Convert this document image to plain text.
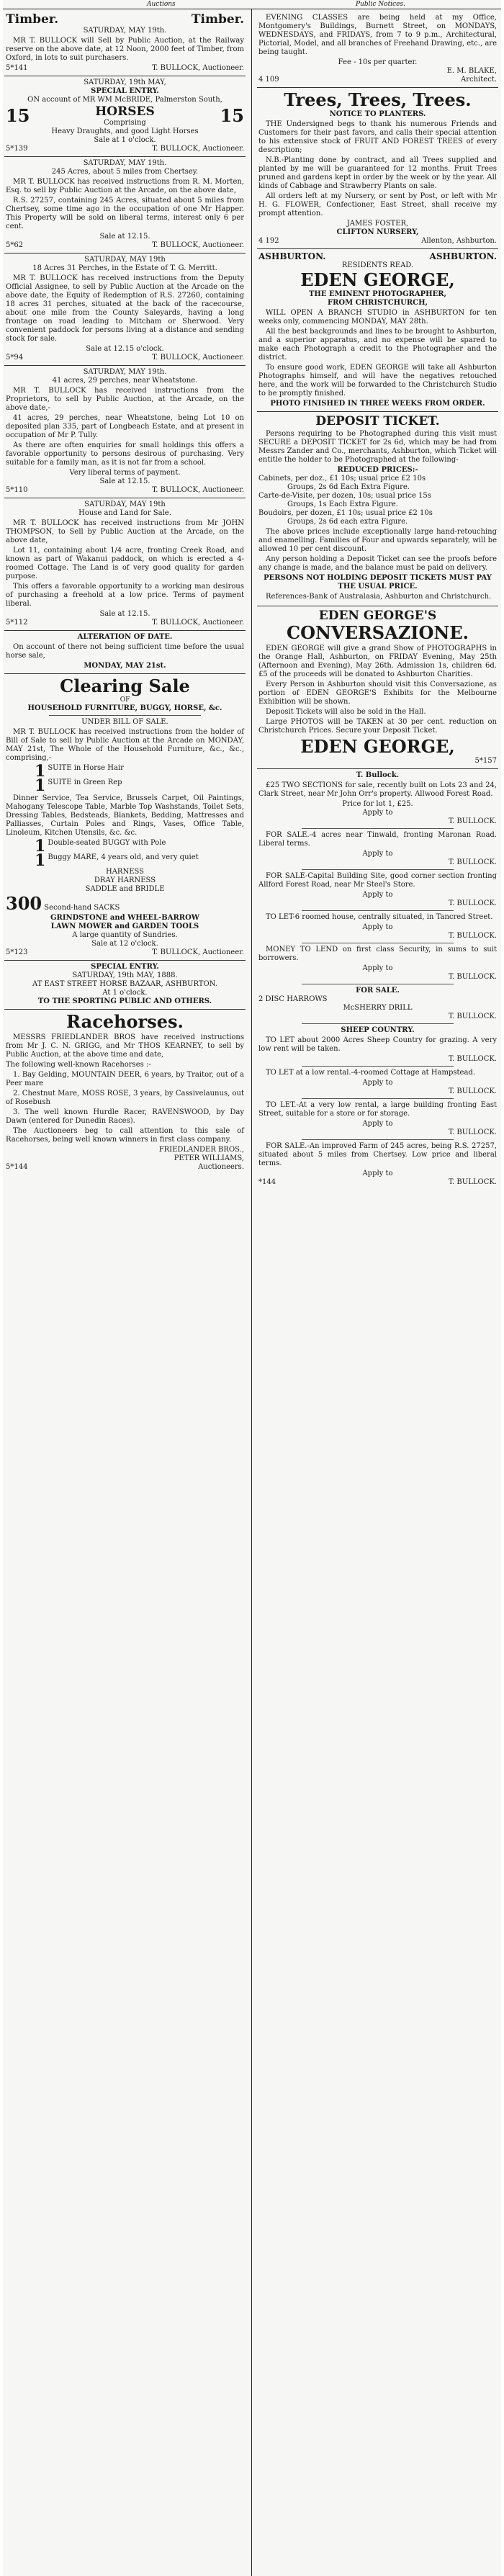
Auctions	Public Notices.
Timber.	Timber.
SATURDAY, MAY 19th.

MR T. BULLOCK will Sell by Public Auction, at the Railway reserve on the above date, at 12 Noon, 2000 feet of Timber, from Oxford, in lots to suit purchasers.

5*141	T. BULLOCK, Auctioneer.
SATURDAY, 19th MAY,
SPECIAL ENTRY.
ON account of MR WM McBRIDE, Palmerston South,
15	HORSES
Comprising	15
Heavy Draughts, and good Light Horses
Sale at 1 o'clock.
5*139	T. BULLOCK, Auctioneer.
SATURDAY, MAY 19th.
245 Acres, about 5 miles from Chertsey.

MR T. BULLOCK has received instructions from R. M. Morten, Esq. to sell by Public Auction at the Arcade, on the above date,

R.S. 27257, containing 245 Acres, situated about 5 miles from Chertsey, some time ago in the occupation of one Mr Happer. This Property will be sold on liberal terms, interest only 6 per cent.

Sale at 12.15.
5*62	T. BULLOCK, Auctioneer.
SATURDAY, MAY 19th
18 Acres 31 Perches, in the Estate of T. G. Merritt.

MR T. BULLOCK has received instructions from the Deputy Official Assignee, to sell by Public Auction at the Arcade on the above date, the Equity of Redemption of R.S. 27260, containing 18 acres 31 perches, situated at the back of the racecourse, about one mile from the County Saleyards, having a long frontage on road leading to Mitcham or Sherwood. Very convenient paddock for persons living at a distance and sending stock for sale.

Sale at 12.15 o'clock.
5*94	T. BULLOCK, Auctioneer.
SATURDAY, MAY 19th.
41 acres, 29 perches, near Wheatstone.

MR T. BULLOCK has received instructions from the Proprietors, to sell by Public Auction, at the Arcade, on the above date,-

41 acres, 29 perches, near Wheatstone, being Lot 10 on deposited plan 335, part of Longbeach Estate, and at present in occupation of Mr P. Tully.

As there are often enquiries for small holdings this offers a favorable opportunity to persons desirous of purchasing. Very suitable for a family man, as it is not far from a school.

Very liberal terms of payment.
Sale at 12.15.
5*110	T. BULLOCK, Auctioneer.
SATURDAY, MAY 19th
House and Land for Sale.

MR T. BULLOCK has received instructions from Mr JOHN THOMPSON, to Sell by Public Auction at the Arcade, on the above date,

Lot 11, containing about 1/4 acre, fronting Creek Road, and known as part of Wakanui paddock, on which is erected a 4-roomed Cottage. The Land is of very good quality for garden purpose.

This offers a favorable opportunity to a working man desirous of purchasing a freehold at a low price. Terms of payment liberal.

Sale at 12.15.
5*112	T. BULLOCK, Auctioneer.
ALTERATION OF DATE.

On account of there not being sufficient time before the usual horse sale,

MONDAY, MAY 21st.
Clearing Sale
OF
HOUSEHOLD FURNITURE, BUGGY, HORSE, &c.
UNDER BILL OF SALE.

MR T. BULLOCK has received instructions from the holder of Bill of Sale to sell by Public Auction at the Arcade on MONDAY, MAY 21st, The Whole of the Household Furniture, &c., &c., comprising,-

1 SUITE in Horse Hair
1 SUITE in Green Rep

Dinner Service, Tea Service, Brussels Carpet, Oil Paintings, Mahogany Telescope Table, Marble Top Washstands, Toilet Sets, Dressing Tables, Bedsteads, Blankets, Bedding, Mattresses and Palliasses, Curtain Poles and Rings, Vases, Office Table, Linoleum, Kitchen Utensils, &c. &c.

1 Double-seated BUGGY with Pole
1 Buggy MARE, 4 years old, and very quiet
HARNESS
DRAY HARNESS
SADDLE and BRIDLE
300 Second-hand SACKS
GRINDSTONE and WHEEL-BARROW
LAWN MOWER and GARDEN TOOLS
A large quantity of Sundries.
Sale at 12 o'clock.
5*123	T. BULLOCK, Auctioneer.
SPECIAL ENTRY.
SATURDAY, 19th MAY, 1888.
AT EAST STREET HORSE BAZAAR, ASHBURTON.
At 1 o'clock.
TO THE SPORTING PUBLIC AND OTHERS.
Racehorses.

MESSRS FRIEDLANDER BROS have received instructions from Mr J. C. N. GRIGG, and Mr THOS KEARNEY, to sell by Public Auction, at the above time and date,

The following well-known Racehorses :-

1. Bay Gelding, MOUNTAIN DEER, 6 years, by Traitor, out of a Peer mare

2. Chestnut Mare, MOSS ROSE, 3 years, by Cassivelaunus, out of Rosebush

3. The well known Hurdle Racer, RAVENSWOOD, by Day Dawn (entered for Dunedin Races).

The Auctioneers beg to call attention to this sale of Racehorses, being well known winners in first class company.

FRIEDLANDER BROS.,
PETER WILLIAMS,
5*144	Auctioneers.

EVENING CLASSES are being held at my Office, Montgomery's Buildings, Burnett Street, on MONDAYS, WEDNESDAYS, and FRIDAYS, from 7 to 9 p.m., Architectural, Pictorial, Model, and all branches of Freehand Drawing, etc., are being taught.

Fee - 10s per quarter.
E. M. BLAKE,
4 109	Architect.
Trees, Trees, Trees.
NOTICE TO PLANTERS.

THE Undersigned begs to thank his numerous Friends and Customers for their past favors, and calls their special attention to his extensive stock of FRUIT AND FOREST TREES of every description;

N.B.-Planting done by contract, and all Trees supplied and planted by me will be guaranteed for 12 months. Fruit Trees pruned and gardens kept in order by the week or by the year. All kinds of Cabbage and Strawberry Plants on sale.

All orders left at my Nursery, or sent by Post, or left with Mr H. G. FLOWER, Confectioner, East Street, shall receive my prompt attention.

JAMES FOSTER,
CLIFTON NURSERY,
4 192	Allenton, Ashburton.
ASHBURTON.	ASHBURTON.
RESIDENTS READ.
EDEN GEORGE,
THE EMINENT PHOTOGRAPHER,
FROM CHRISTCHURCH,

WILL OPEN A BRANCH STUDIO in ASHBURTON for ten weeks only, commencing MONDAY, MAY 28th.

All the best backgrounds and lines to be brought to Ashburton, and a superior apparatus, and no expense will be spared to make each Photograph a credit to the Photographer and the district.

To ensure good work, EDEN GEORGE will take all Ashburton Photographs himself, and will have the negatives retouched here, and the work will be forwarded to the Christchurch Studio to be promptly finished.

PHOTO FINISHED IN THREE WEEKS FROM ORDER.
DEPOSIT TICKET.

Persons requiring to be Photographed during this visit must SECURE a DEPOSIT TICKET for 2s 6d, which may be had from Messrs Zander and Co., merchants, Ashburton, which Ticket will entitle the holder to be Photographed at the following-

REDUCED PRICES:-
Cabinets, per doz., £1 10s; usual price £2 10s
Groups, 2s 6d Each Extra Figure.
Carte-de-Visite, per dozen, 10s; usual price 15s
Groups, 1s Each Extra Figure.
Boudoirs, per dozen, £1 10s; usual price £2 10s
Groups, 2s 6d each extra Figure.

The above prices include exceptionally large hand-retouching and enamelling. Families of Four and upwards separately, will be allowed 10 per cent discount.

Any person holding a Deposit Ticket can see the proofs before any change is made, and the balance must be paid on delivery.

PERSONS NOT HOLDING DEPOSIT TICKETS MUST PAY THE USUAL PRICE.

References-Bank of Australasia, Ashburton and Christchurch.

EDEN GEORGE'S
CONVERSAZIONE.

EDEN GEORGE will give a grand Show of PHOTOGRAPHS in the Orange Hall, Ashburton, on FRIDAY Evening, May 25th (Afternoon and Evening), May 26th. Admission 1s, children 6d. £5 of the proceeds will be donated to Ashburton Charities.

Every Person in Ashburton should visit this Conversazione, as portion of EDEN GEORGE'S Exhibits for the Melbourne Exhibition will be shown.

Deposit Tickets will also be sold in the Hall.

Large PHOTOS will be TAKEN at 30 per cent. reduction on Christchurch Prices. Secure your Deposit Ticket.

EDEN GEORGE,
5*157
T. Bullock.

£25 TWO SECTIONS for sale, recently built on Lots 23 and 24, Clark Street, near Mr John Orr's property. Allwood Forest Road.

Price for lot 1, £25.
Apply to
T. BULLOCK.

FOR SALE.-4 acres near Tinwald, fronting Maronan Road. Liberal terms.

Apply to
T. BULLOCK.

FOR SALE-Capital Building Site, good corner section fronting Allford Forest Road, near Mr Steel's Store.

Apply to
T. BULLOCK.

TO LET-6 roomed house, centrally situated, in Tancred Street.

Apply to
T. BULLOCK.

MONEY TO LEND on first class Security, in sums to suit borrowers.

Apply to
T. BULLOCK.
FOR SALE.
2 DISC HARROWS
McSHERRY DRILL
T. BULLOCK.
SHEEP COUNTRY.

TO LET about 2000 Acres Sheep Country for grazing. A very low rent will be taken.

T. BULLOCK.

TO LET at a low rental.-4-roomed Cottage at Hampstead.

Apply to
T. BULLOCK.

TO LET.-At a very low rental, a large building fronting East Street, suitable for a store or for storage.

Apply to
T. BULLOCK.

FOR SALE.-An improved Farm of 245 acres, being R.S. 27257, situated about 5 miles from Chertsey. Low price and liberal terms.

Apply to
*144	T. BULLOCK.
